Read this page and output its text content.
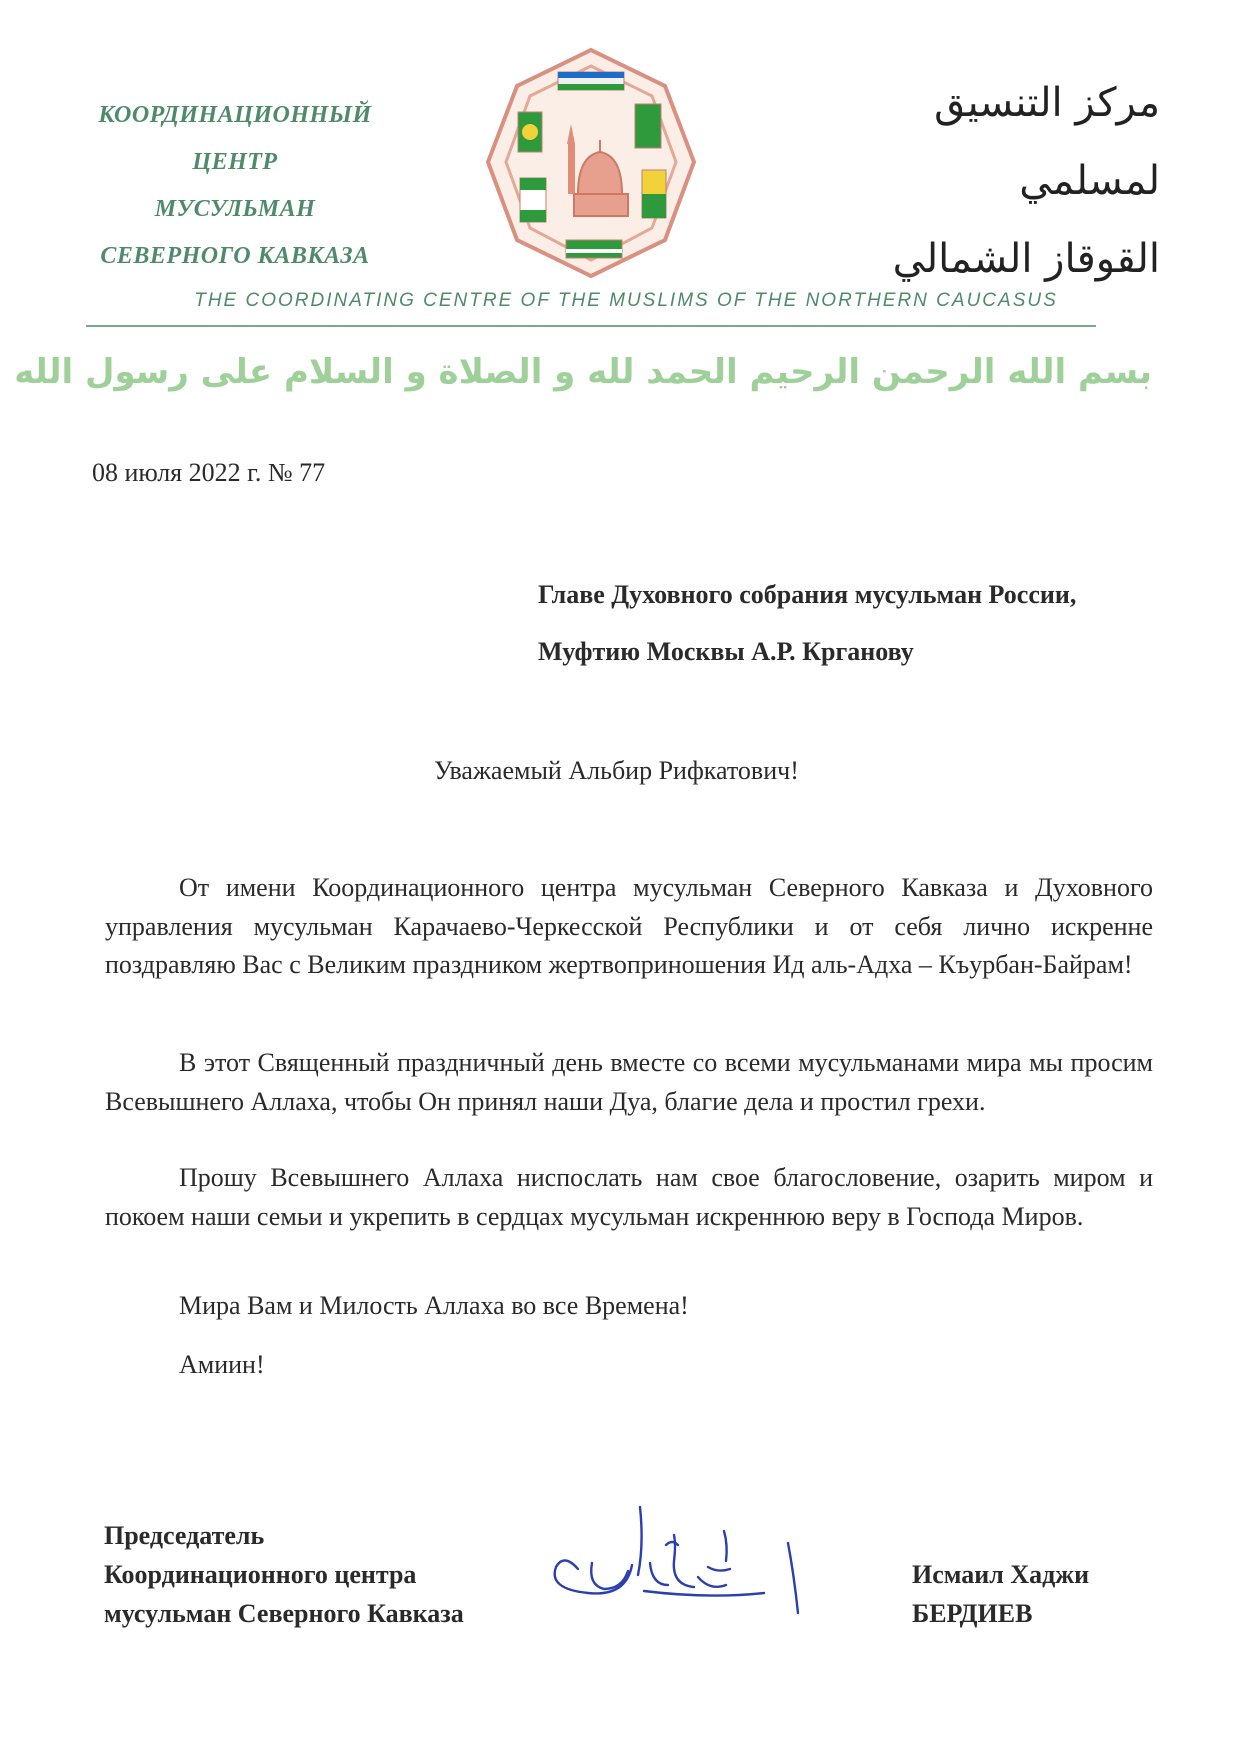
КООРДИНАЦИОННЫЙ
ЦЕНТР
МУСУЛЬМАН
СЕВЕРНОГО КАВКАЗА
مركز التنسيق
لمسلمي
القوقاز الشمالي
THE COORDINATING CENTRE OF THE MUSLIMS OF THE NORTHERN CAUCASUS
بسم الله الرحمن الرحيم الحمد لله و الصلاة و السلام على رسول الله
08 июля 2022 г. № 77
Главе Духовного собрания мусульман России,
Муфтию Москвы А.Р. Крганову
Уважаемый Альбир Рифкатович!
От имени Координационного центра мусульман Северного Кавказа и Духовного управления мусульман Карачаево-Черкесской Республики и от себя лично искренне поздравляю Вас с Великим праздником жертвоприношения Ид аль-Адха – Къурбан-Байрам!
В этот Священный праздничный день вместе со всеми мусульманами мира мы просим Всевышнего Аллаха, чтобы Он принял наши Дуа, благие дела и простил грехи.
Прошу Всевышнего Аллаха ниспослать нам свое благословение, озарить миром и покоем наши семьи и укрепить в сердцах мусульман искреннюю веру в Господа Миров.
Мира Вам и Милость Аллаха во все Времена!
Амиин!
Председатель
Координационного центра
мусульман Северного Кавказа
Исмаил Хаджи
БЕРДИЕВ
